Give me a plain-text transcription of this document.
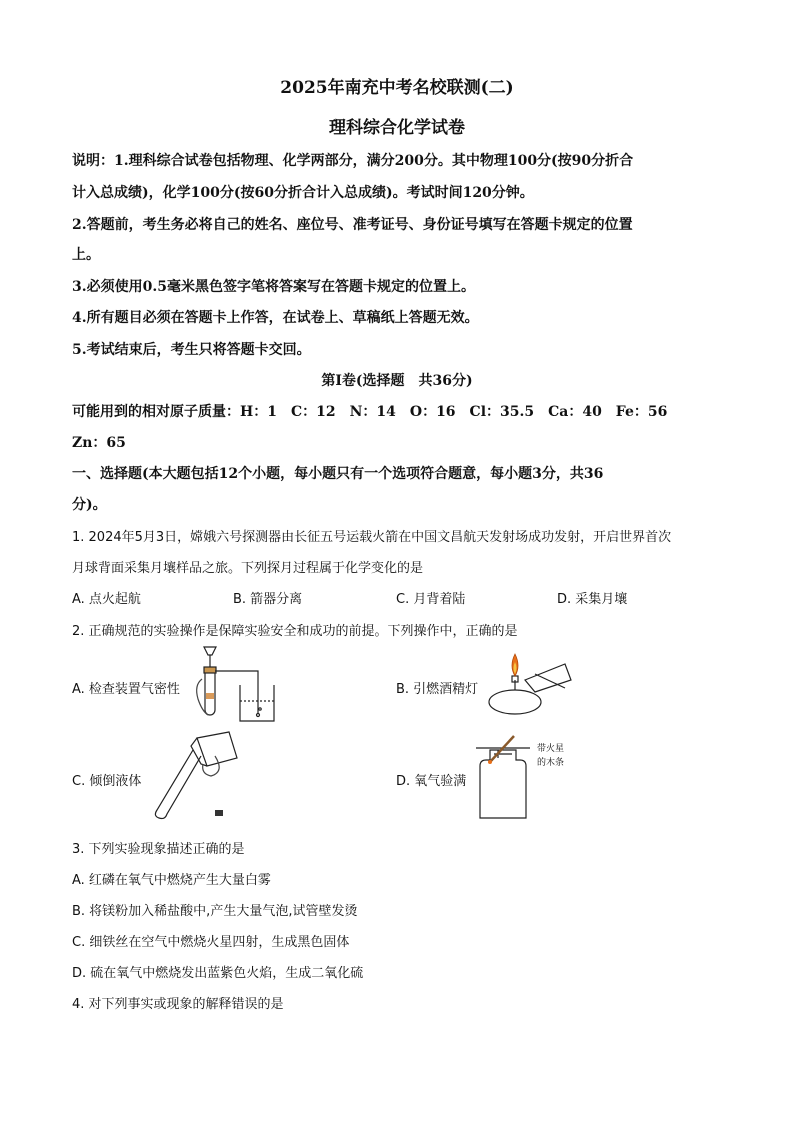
2025年南充中考名校联测(二)
理科综合化学试卷
说明：1.理科综合试卷包括物理、化学两部分，满分200分。其中物理100分(按90分折合
计入总成绩)，化学100分(按60分折合计入总成绩)。考试时间120分钟。
2.答题前，考生务必将自己的姓名、座位号、准考证号、身份证号填写在答题卡规定的位置
上。
3.必须使用0.5毫米黑色签字笔将答案写在答题卡规定的位置上。
4.所有题目必须在答题卡上作答，在试卷上、草稿纸上答题无效。
5.考试结束后，考生只将答题卡交回。
第Ⅰ卷(选择题　共36分)
可能用到的相对原子质量：H：1　C：12　N：14　O：16　Cl：35.5　Ca：40　Fe：56
Zn：65
一、选择题(本大题包括12个小题，每小题只有一个选项符合题意，每小题3分，共36
分)。
1. 2024年5月3日，嫦娥六号探测器由长征五号运载火箭在中国文昌航天发射场成功发射，开启世界首次
月球背面采集月壤样品之旅。下列探月过程属于化学变化的是
A. 点火起航	B. 箭器分离	C. 月背着陆	D. 采集月壤
2. 正确规范的实验操作是保障实验安全和成功的前提。下列操作中，正确的是
A. 检查装置气密性	B. 引燃酒精灯
C. 倾倒液体	D. 氧气验满
带火星
的木条
3. 下列实验现象描述正确的是
A. 红磷在氧气中燃烧产生大量白雾
B. 将镁粉加入稀盐酸中,产生大量气泡,试管壁发烫
C. 细铁丝在空气中燃烧火星四射，生成黑色固体
D. 硫在氧气中燃烧发出蓝紫色火焰，生成二氧化硫
4. 对下列事实或现象的解释错误的是
